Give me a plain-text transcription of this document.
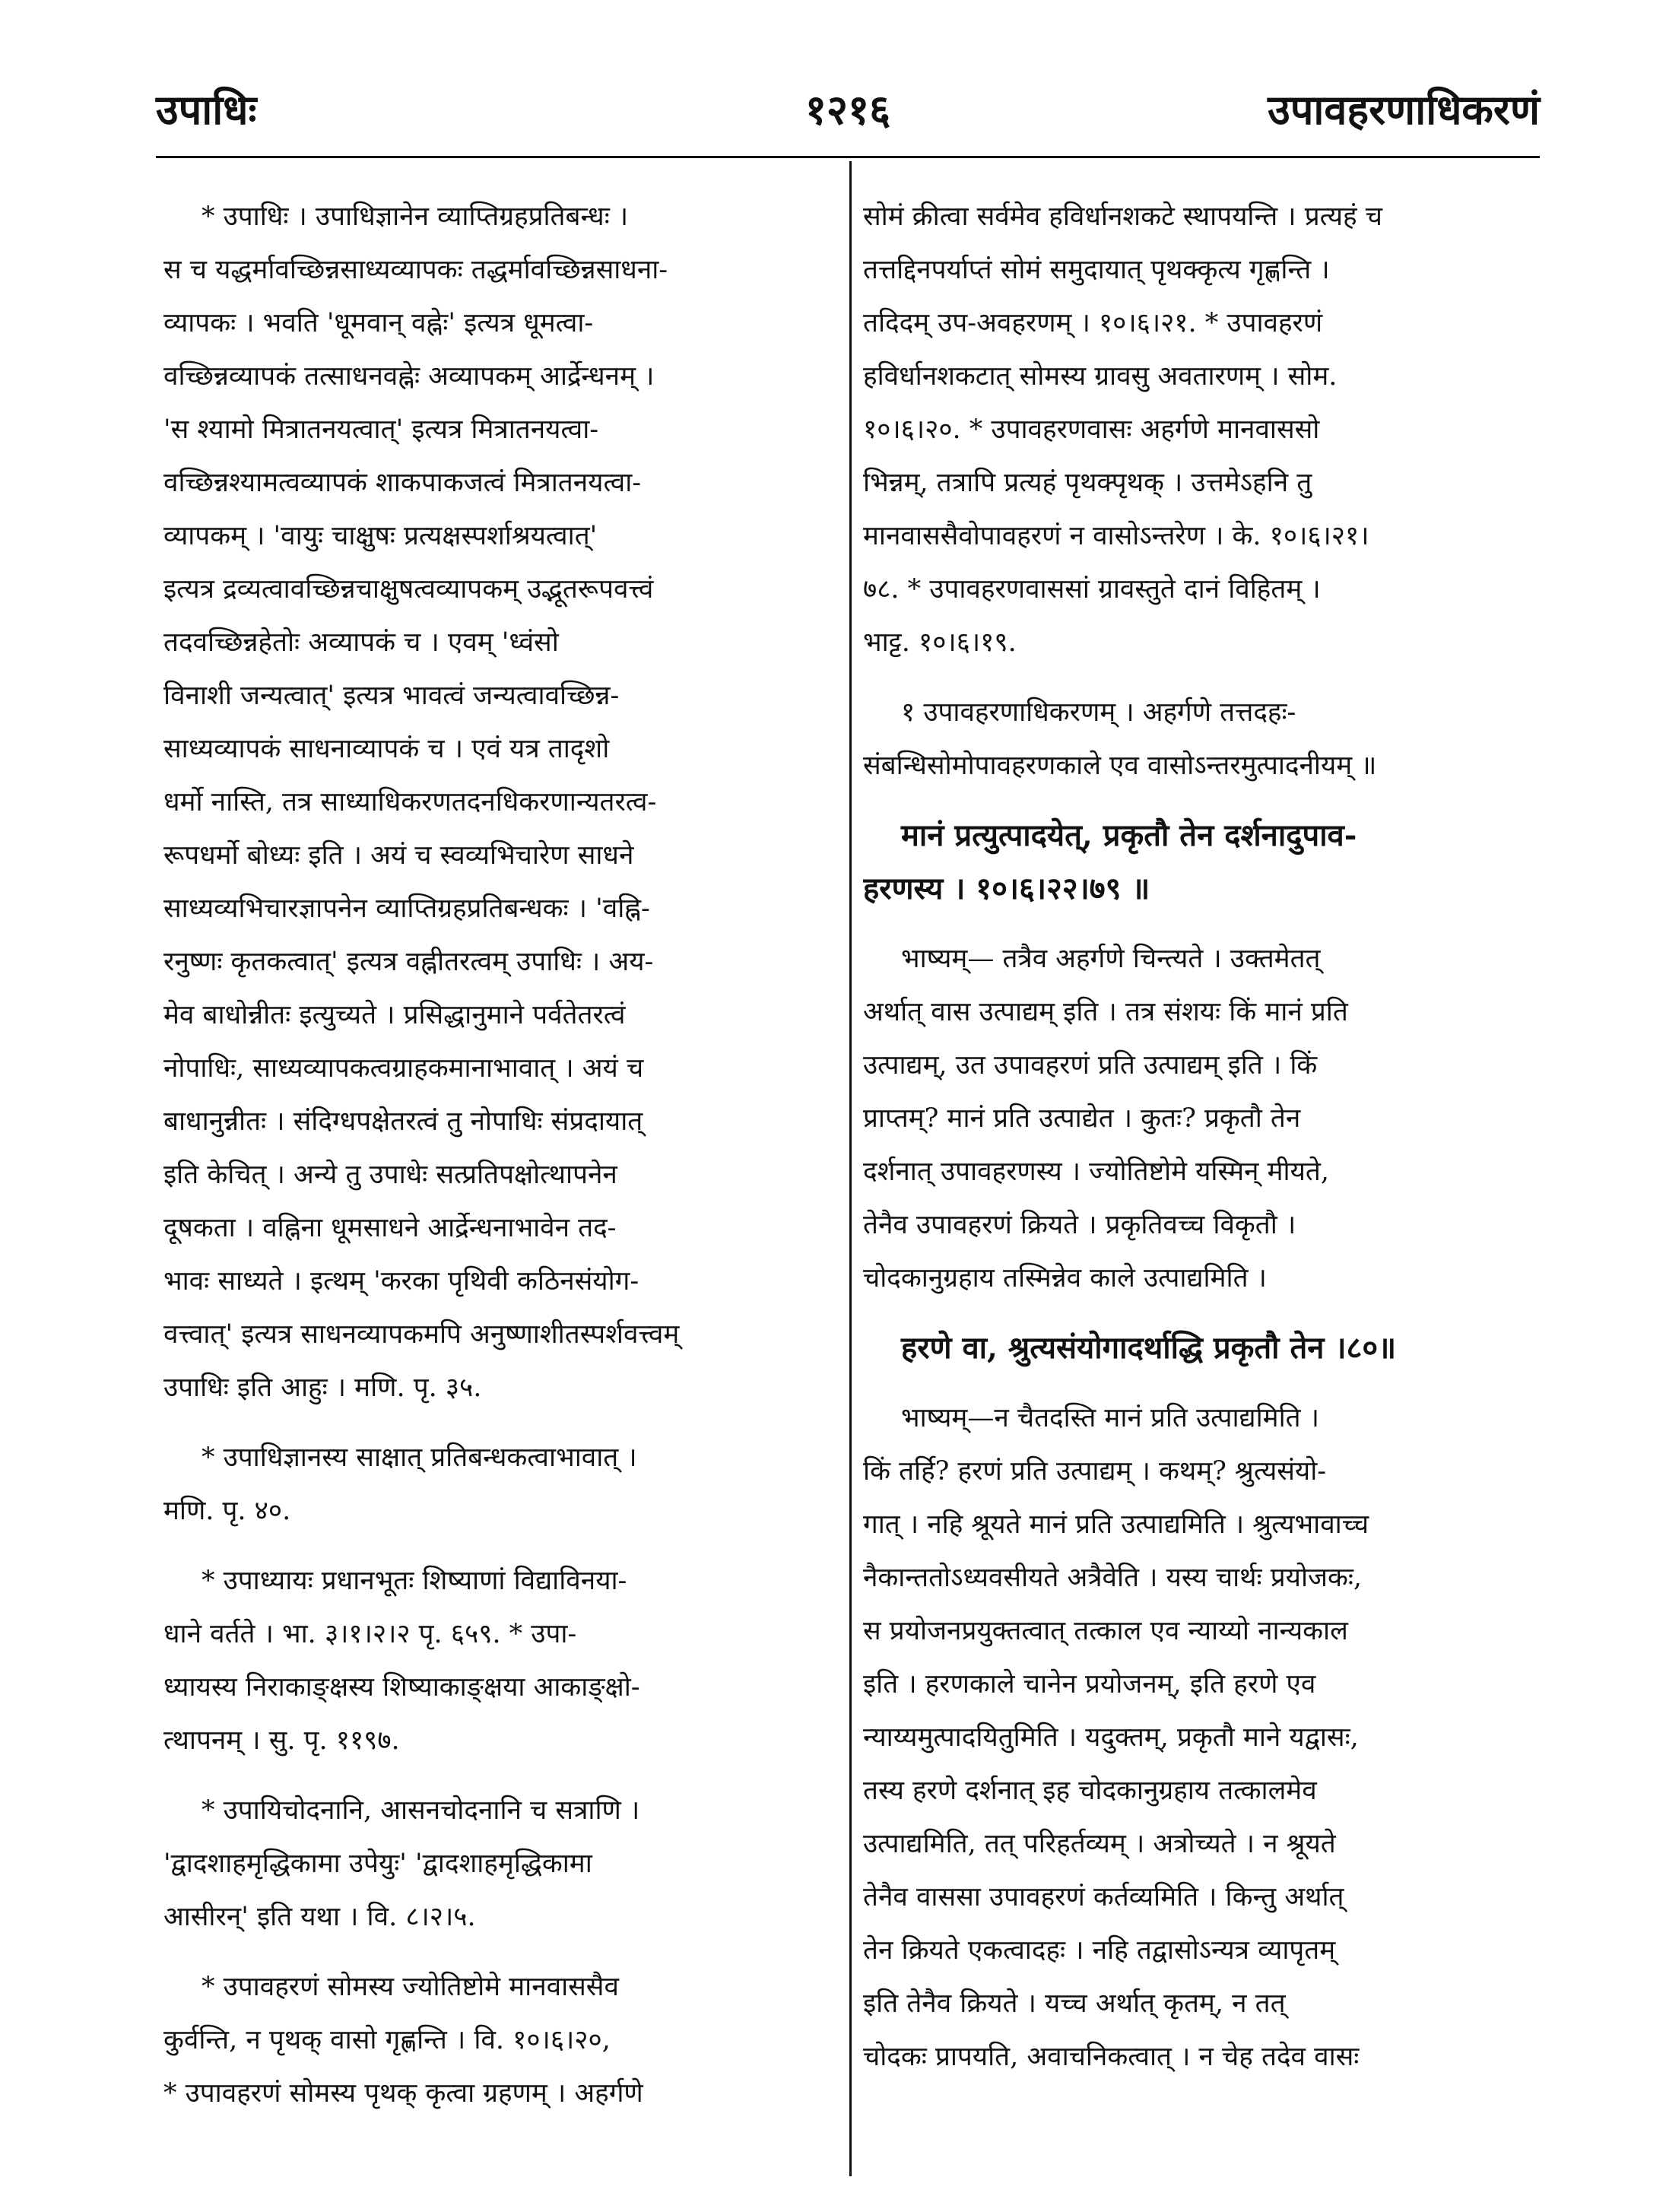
उपाधिः	१२१६	उपावहरणाधिकरणं
* उपाधिः । उपाधिज्ञानेन व्याप्तिग्रहप्रतिबन्धः ।
स च यद्धर्मावच्छिन्नसाध्यव्यापकः तद्धर्मावच्छिन्नसाधना-
व्यापकः । भवति 'धूमवान् वह्नेः' इत्यत्र धूमत्वा-
वच्छिन्नव्यापकं तत्साधनवह्नेः अव्यापकम् आर्द्रेन्धनम् ।
'स श्यामो मित्रातनयत्वात्' इत्यत्र मित्रातनयत्वा-
वच्छिन्नश्यामत्वव्यापकं शाकपाकजत्वं मित्रातनयत्वा-
व्यापकम् । 'वायुः चाक्षुषः प्रत्यक्षस्पर्शाश्रयत्वात्'
इत्यत्र द्रव्यत्वावच्छिन्नचाक्षुषत्वव्यापकम् उद्भूतरूपवत्त्वं
तदवच्छिन्नहेतोः अव्यापकं च । एवम् 'ध्वंसो
विनाशी जन्यत्वात्' इत्यत्र भावत्वं जन्यत्वावच्छिन्न-
साध्यव्यापकं साधनाव्यापकं च । एवं यत्र तादृशो
धर्मो नास्ति, तत्र साध्याधिकरणतदनधिकरणान्यतरत्व-
रूपधर्मो बोध्यः इति । अयं च स्वव्यभिचारेण साधने
साध्यव्यभिचारज्ञापनेन व्याप्तिग्रहप्रतिबन्धकः । 'वह्नि-
रनुष्णः कृतकत्वात्' इत्यत्र वह्नीतरत्वम् उपाधिः । अय-
मेव बाधोन्नीतः इत्युच्यते । प्रसिद्धानुमाने पर्वतेतरत्वं
नोपाधिः, साध्यव्यापकत्वग्राहकमानाभावात् । अयं च
बाधानुन्नीतः । संदिग्धपक्षेतरत्वं तु नोपाधिः संप्रदायात्
इति केचित् । अन्ये तु उपाधेः सत्प्रतिपक्षोत्थापनेन
दूषकता । वह्निना धूमसाधने आर्द्रेन्धनाभावेन तद-
भावः साध्यते । इत्थम् 'करका पृथिवी कठिनसंयोग-
वत्त्वात्' इत्यत्र साधनव्यापकमपि अनुष्णाशीतस्पर्शवत्त्वम्
उपाधिः इति आहुः । मणि. पृ. ३५.
* उपाधिज्ञानस्य साक्षात् प्रतिबन्धकत्वाभावात् ।
मणि. पृ. ४०.
* उपाध्यायः प्रधानभूतः शिष्याणां विद्याविनया-
धाने वर्तते । भा. ३।१।२।२ पृ. ६५९. * उपा-
ध्यायस्य निराकाङ्क्षस्य शिष्याकाङ्क्षया आकाङ्क्षो-
त्थापनम् । सु. पृ. ११९७.
* उपायिचोदनानि, आसनचोदनानि च सत्राणि ।
'द्वादशाहमृद्धिकामा उपेयुः' 'द्वादशाहमृद्धिकामा
आसीरन्' इति यथा । वि. ८।२।५.
* उपावहरणं सोमस्य ज्योतिष्टोमे मानवाससैव
कुर्वन्ति, न पृथक् वासो गृह्णन्ति । वि. १०।६।२०,
* उपावहरणं सोमस्य पृथक् कृत्वा ग्रहणम् । अहर्गणे
सोमं क्रीत्वा सर्वमेव हविर्धानशकटे स्थापयन्ति । प्रत्यहं च
तत्तद्दिनपर्याप्तं सोमं समुदायात् पृथक्कृत्य गृह्णन्ति ।
तदिदम् उप-अवहरणम् । १०।६।२१. * उपावहरणं
हविर्धानशकटात् सोमस्य ग्रावसु अवतारणम् । सोम.
१०।६।२०. * उपावहरणवासः अहर्गणे मानवाससो
भिन्नम्, तत्रापि प्रत्यहं पृथक्पृथक् । उत्तमेऽहनि तु
मानवाससैवोपावहरणं न वासोऽन्तरेण । के. १०।६।२१।
७८. * उपावहरणवाससां ग्रावस्तुते दानं विहितम् ।
भाट्ट. १०।६।१९.
१ उपावहरणाधिकरणम् । अहर्गणे तत्तदहः-
संबन्धिसोमोपावहरणकाले एव वासोऽन्तरमुत्पादनीयम् ॥
मानं प्रत्युत्पादयेत्, प्रकृतौ तेन दर्शनादुपाव-
हरणस्य । १०।६।२२।७९ ॥
भाष्यम्— तत्रैव अहर्गणे चिन्त्यते । उक्तमेतत्
अर्थात् वास उत्पाद्यम् इति । तत्र संशयः किं मानं प्रति
उत्पाद्यम्, उत उपावहरणं प्रति उत्पाद्यम् इति । किं
प्राप्तम्? मानं प्रति उत्पाद्येत । कुतः? प्रकृतौ तेन
दर्शनात् उपावहरणस्य । ज्योतिष्टोमे यस्मिन् मीयते,
तेनैव उपावहरणं क्रियते । प्रकृतिवच्च विकृतौ ।
चोदकानुग्रहाय तस्मिन्नेव काले उत्पाद्यमिति ।
हरणे वा, श्रुत्यसंयोगादर्थाद्धि प्रकृतौ तेन ।८०॥
भाष्यम्—न चैतदस्ति मानं प्रति उत्पाद्यमिति ।
किं तर्हि? हरणं प्रति उत्पाद्यम् । कथम्? श्रुत्यसंयो-
गात् । नहि श्रूयते मानं प्रति उत्पाद्यमिति । श्रुत्यभावाच्च
नैकान्ततोऽध्यवसीयते अत्रैवेति । यस्य चार्थः प्रयोजकः,
स प्रयोजनप्रयुक्तत्वात् तत्काल एव न्याय्यो नान्यकाल
इति । हरणकाले चानेन प्रयोजनम्, इति हरणे एव
न्याय्यमुत्पादयितुमिति । यदुक्तम्, प्रकृतौ माने यद्वासः,
तस्य हरणे दर्शनात् इह चोदकानुग्रहाय तत्कालमेव
उत्पाद्यमिति, तत् परिहर्तव्यम् । अत्रोच्यते । न श्रूयते
तेनैव वाससा उपावहरणं कर्तव्यमिति । किन्तु अर्थात्
तेन क्रियते एकत्वादहः । नहि तद्वासोऽन्यत्र व्यापृतम्
इति तेनैव क्रियते । यच्च अर्थात् कृतम्, न तत्
चोदकः प्रापयति, अवाचनिकत्वात् । न चेह तदेव वासः
